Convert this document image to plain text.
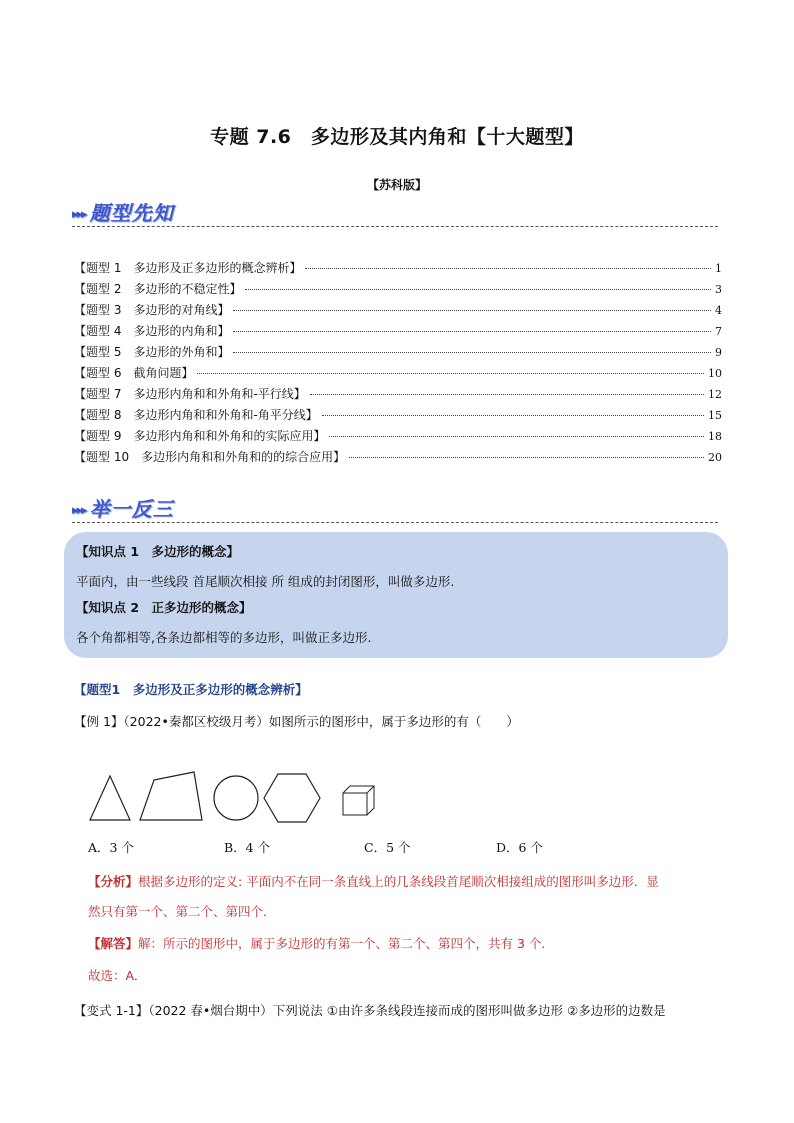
专题 7.6　多边形及其内角和【十大题型】
【苏科版】
▸▸▸ 题型先知
【题型 1　多边形及正多边形的概念辨析】	1
【题型 2　多边形的不稳定性】	3
【题型 3　多边形的对角线】	4
【题型 4　多边形的内角和】	7
【题型 5　多边形的外角和】	9
【题型 6　截角问题】	10
【题型 7　多边形内角和和外角和-平行线】	12
【题型 8　多边形内角和和外角和-角平分线】	15
【题型 9　多边形内角和和外角和的实际应用】	18
【题型 10　多边形内角和和外角和的的综合应用】	20
▸▸▸ 举一反三
【知识点 1　多边形的概念】
平面内，由一些线段 首尾顺次相接 所 组成的封闭图形，叫做多边形.
【知识点 2　正多边形的概念】
各个角都相等,各条边都相等的多边形，叫做正多边形.
【题型1　多边形及正多边形的概念辨析】
【例 1】（2022•秦都区校级月考）如图所示的图形中，属于多边形的有（　　）
A．3 个	B．4 个	C．5 个	D．6 个
【分析】根据多边形的定义: 平面内不在同一条直线上的几条线段首尾顺次相接组成的图形叫多边形．显
然只有第一个、第二个、第四个．
【解答】解：所示的图形中，属于多边形的有第一个、第二个、第四个，共有 3 个．
故选：A．
【变式 1-1】（2022 春•烟台期中）下列说法 ①由许多条线段连接而成的图形叫做多边形 ②多边形的边数是
